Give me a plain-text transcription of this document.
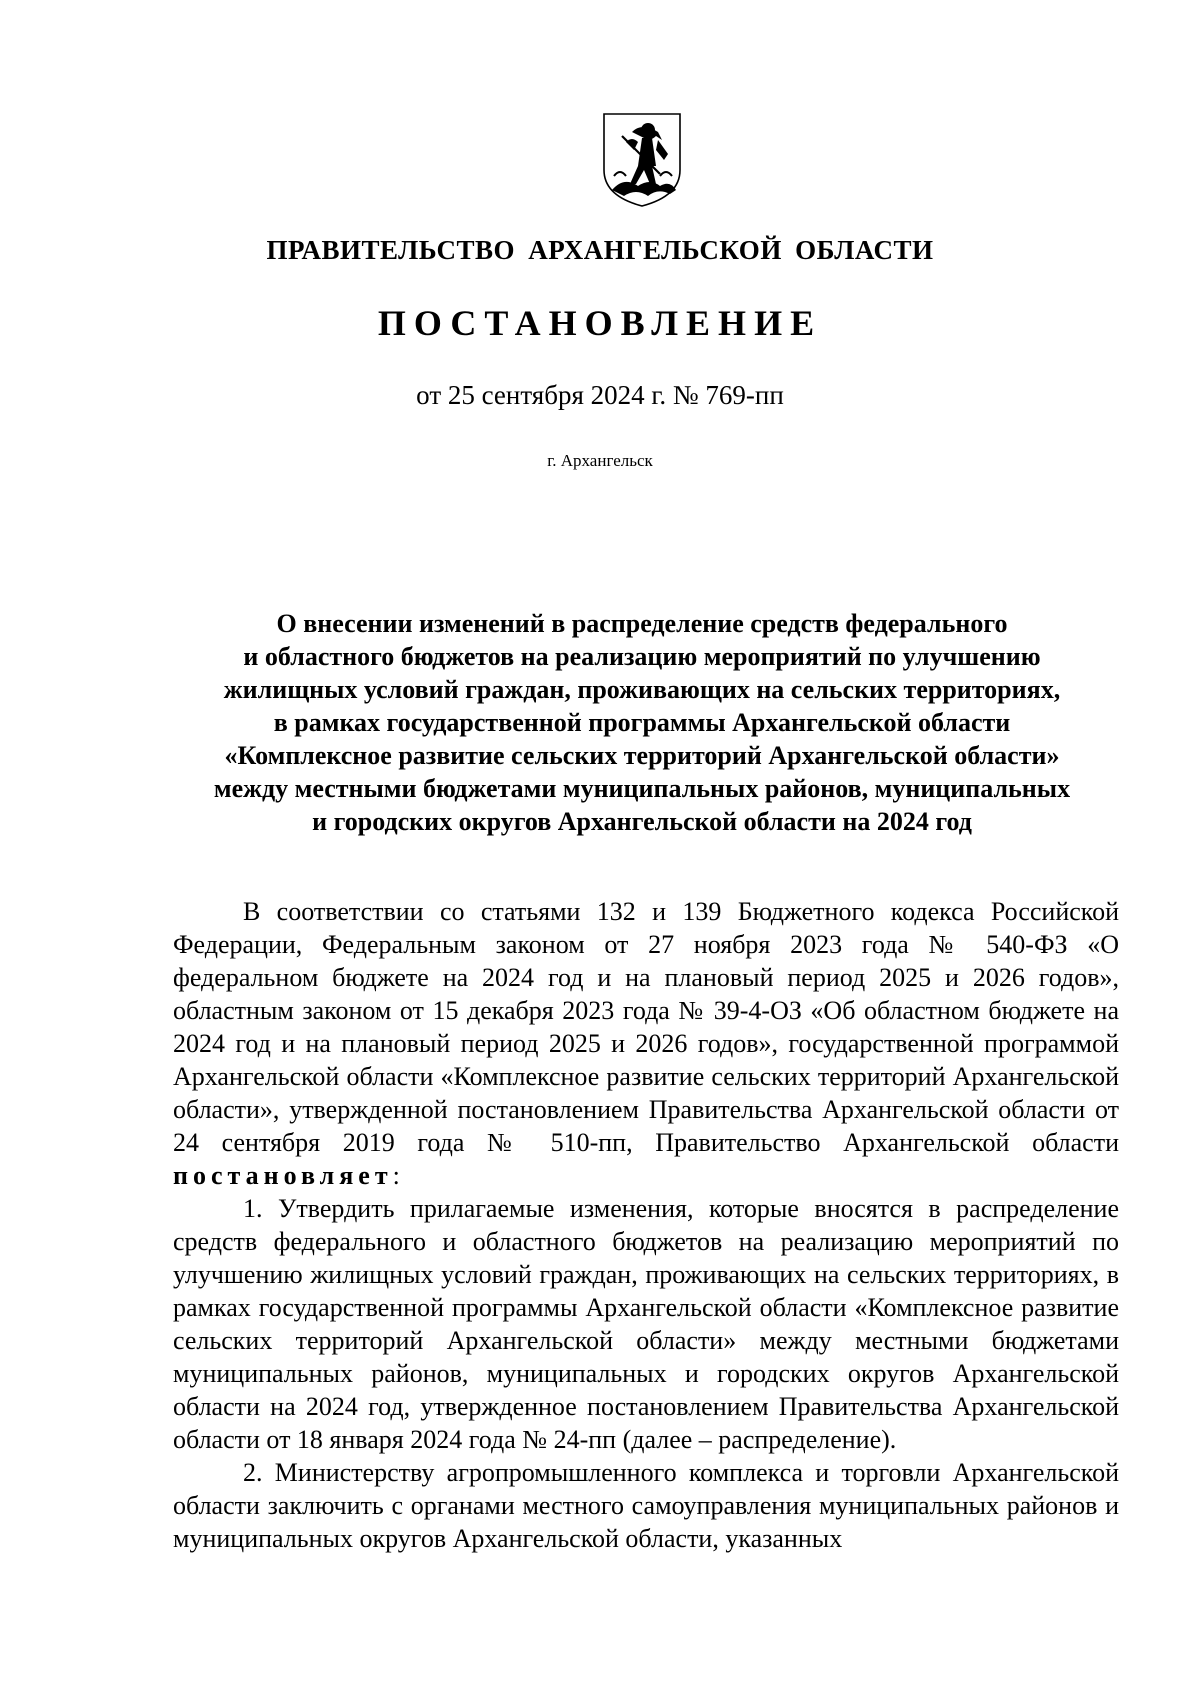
ПРАВИТЕЛЬСТВО АРХАНГЕЛЬСКОЙ ОБЛАСТИ
ПОСТАНОВЛЕНИЕ
от 25 сентября 2024 г. № 769-пп
г. Архангельск
О внесении изменений в распределение средств федерального
и областного бюджетов на реализацию мероприятий по улучшению
жилищных условий граждан, проживающих на сельских территориях,
в рамках государственной программы Архангельской области
«Комплексное развитие сельских территорий Архангельской области»
между местными бюджетами муниципальных районов, муниципальных
и городских округов Архангельской области на 2024 год

В соответствии со статьями 132 и 139 Бюджетного кодекса Российской Федерации, Федеральным законом от 27 ноября 2023 года № 540-ФЗ «О федеральном бюджете на 2024 год и на плановый период 2025 и 2026 годов», областным законом от 15 декабря 2023 года № 39-4-ОЗ «Об областном бюджете на 2024 год и на плановый период 2025 и 2026 годов», государственной программой Архангельской области «Комплексное развитие сельских территорий Архангельской области», утвержденной постановлением Правительства Архангельской области от 24 сентября 2019 года № 510-пп, Правительство Архангельской области постановляет:

1. Утвердить прилагаемые изменения, которые вносятся в распределение средств федерального и областного бюджетов на реализацию мероприятий по улучшению жилищных условий граждан, проживающих на сельских территориях, в рамках государственной программы Архангельской области «Комплексное развитие сельских территорий Архангельской области» между местными бюджетами муниципальных районов, муниципальных и городских округов Архангельской области на 2024 год, утвержденное постановлением Правительства Архангельской области от 18 января 2024 года № 24-пп (далее – распределение).

2. Министерству агропромышленного комплекса и торговли Архангельской области заключить с органами местного самоуправления муниципальных районов и муниципальных округов Архангельской области, указанных
